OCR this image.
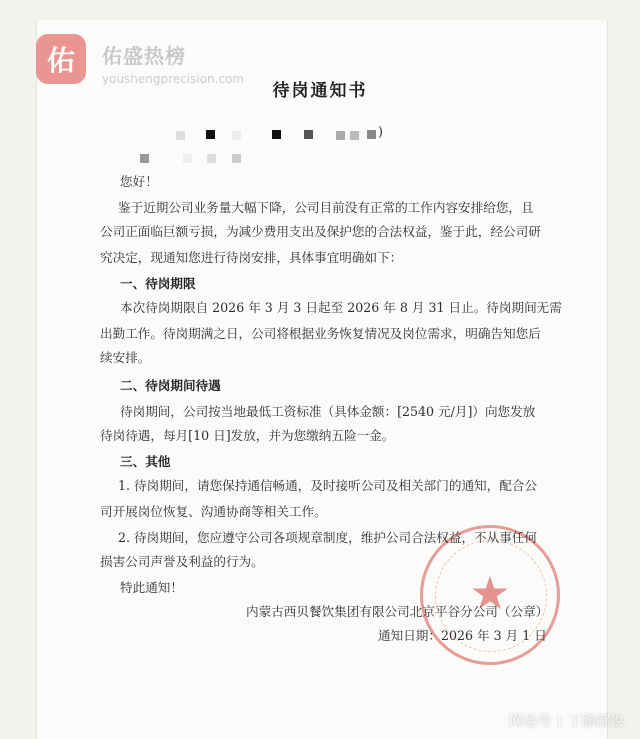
佑 佑盛热榜
youshengprecision.com
待岗通知书
)
★
您好！
鉴于近期公司业务量大幅下降，公司目前没有正常的工作内容安排给您，且
公司正面临巨额亏损，为减少费用支出及保护您的合法权益，鉴于此，经公司研
究决定，现通知您进行待岗安排，具体事宜明确如下：
一、待岗期限
本次待岗期限自 2026 年 3 月 3 日起至 2026 年 8 月 31 日止。待岗期间无需
出勤工作。待岗期满之日，公司将根据业务恢复情况及岗位需求，明确告知您后
续安排。
二、待岗期间待遇
待岗期间，公司按当地最低工资标准（具体金额：[2540 元/月]）向您发放
待岗待遇，每月[10 日]发放，并为您缴纳五险一金。
三、其他
1. 待岗期间，请您保持通信畅通，及时接听公司及相关部门的通知，配合公
司开展岗位恢复、沟通协商等相关工作。
2. 待岗期间，您应遵守公司各项规章制度，维护公司合法权益，不从事任何
损害公司声誉及利益的行为。
特此通知！
内蒙古西贝餐饮集团有限公司北京平谷分公司（公章）
通知日期：2026 年 3 月 1 日
网易号 | 丁腆解说
